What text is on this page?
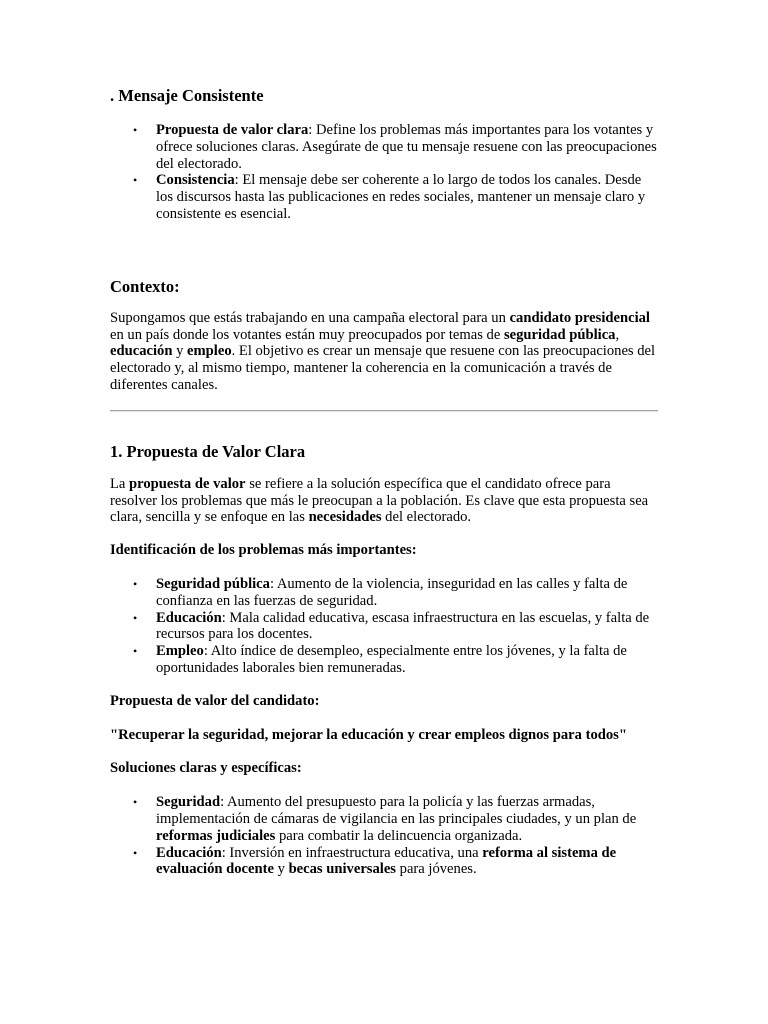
. Mensaje Consistente
• Propuesta de valor clara: Define los problemas más importantes para los votantes y ofrece soluciones claras. Asegúrate de que tu mensaje resuene con las preocupaciones del electorado.
• Consistencia: El mensaje debe ser coherente a lo largo de todos los canales. Desde los discursos hasta las publicaciones en redes sociales, mantener un mensaje claro y consistente es esencial.
Contexto:

Supongamos que estás trabajando en una campaña electoral para un candidato presidencial en un país donde los votantes están muy preocupados por temas de seguridad pública, educación y empleo. El objetivo es crear un mensaje que resuene con las preocupaciones del electorado y, al mismo tiempo, mantener la coherencia en la comunicación a través de diferentes canales.

1. Propuesta de Valor Clara

La propuesta de valor se refiere a la solución específica que el candidato ofrece para resolver los problemas que más le preocupan a la población. Es clave que esta propuesta sea clara, sencilla y se enfoque en las necesidades del electorado.

Identificación de los problemas más importantes:

• Seguridad pública: Aumento de la violencia, inseguridad en las calles y falta de confianza en las fuerzas de seguridad.
• Educación: Mala calidad educativa, escasa infraestructura en las escuelas, y falta de recursos para los docentes.
• Empleo: Alto índice de desempleo, especialmente entre los jóvenes, y la falta de oportunidades laborales bien remuneradas.

Propuesta de valor del candidato:

"Recuperar la seguridad, mejorar la educación y crear empleos dignos para todos"

Soluciones claras y específicas:

• Seguridad: Aumento del presupuesto para la policía y las fuerzas armadas, implementación de cámaras de vigilancia en las principales ciudades, y un plan de reformas judiciales para combatir la delincuencia organizada.
• Educación: Inversión en infraestructura educativa, una reforma al sistema de evaluación docente y becas universales para jóvenes.
